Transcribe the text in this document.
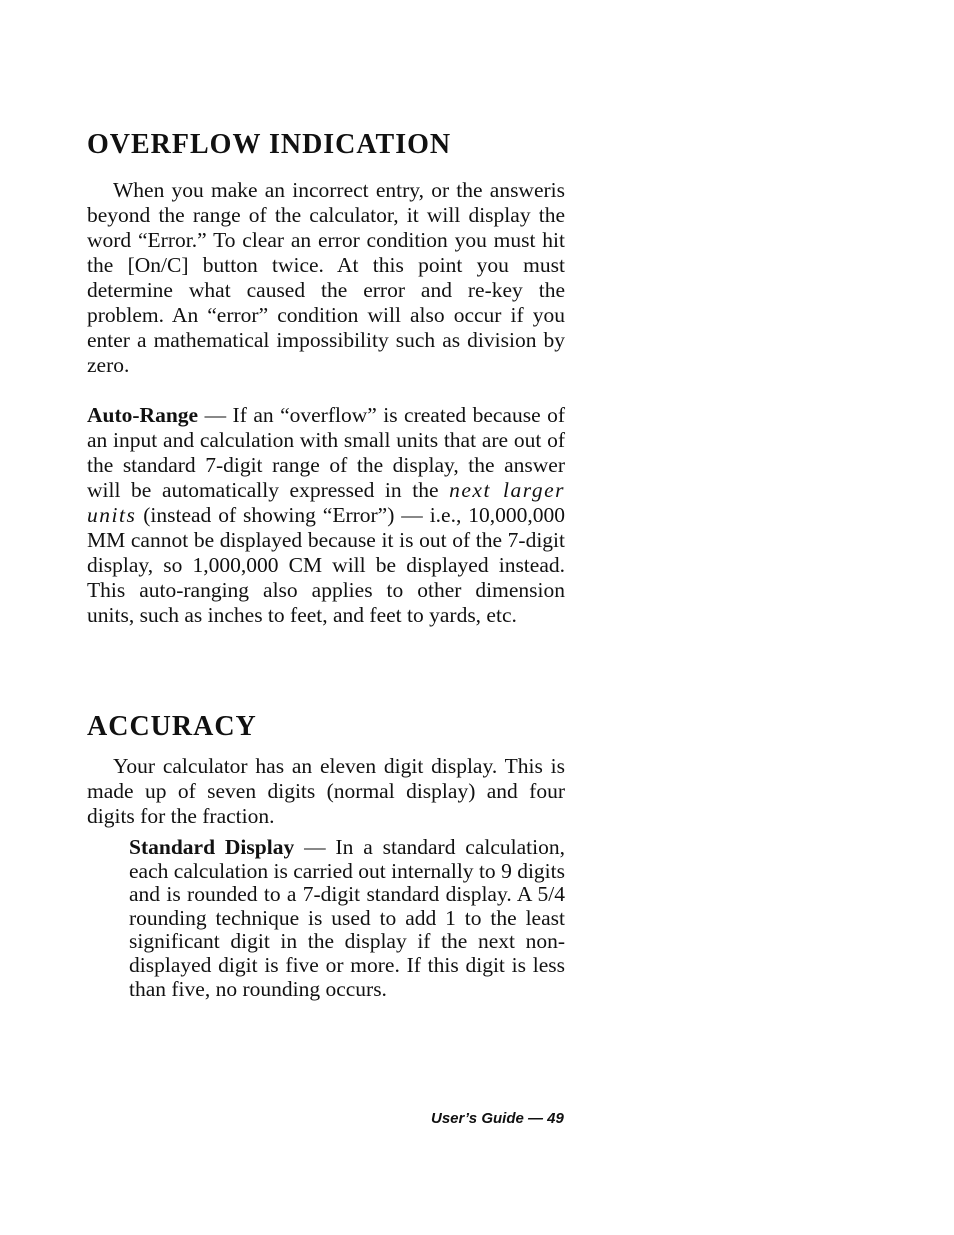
OVERFLOW INDICATION

When you make an incorrect entry, or the answeris beyond the range of the calculator, it will display the word “Error.” To clear an error condition you must hit the [On/C] button twice. At this point you must determine what caused the error and re-key the problem. An “error” condition will also occur if you enter a mathematical impossibility such as division by zero.

Auto-Range — If an “overflow” is created because of an input and calculation with small units that are out of the standard 7-digit range of the display, the answer will be automatically expressed in the next larger units (instead of showing “Error”) — i.e., 10,000,000 MM cannot be displayed because it is out of the 7-digit display, so 1,000,000 CM will be displayed instead. This auto-ranging also applies to other dimension units, such as inches to feet, and feet to yards, etc.

ACCURACY

Your calculator has an eleven digit display. This is made up of seven digits (normal display) and four digits for the fraction.

Standard Display — In a standard calculation, each calculation is carried out internally to 9 digits and is rounded to a 7-digit standard display. A 5/4 rounding technique is used to add 1 to the least significant digit in the display if the next non-displayed digit is five or more. If this digit is less than five, no rounding occurs.

User’s Guide — 49
